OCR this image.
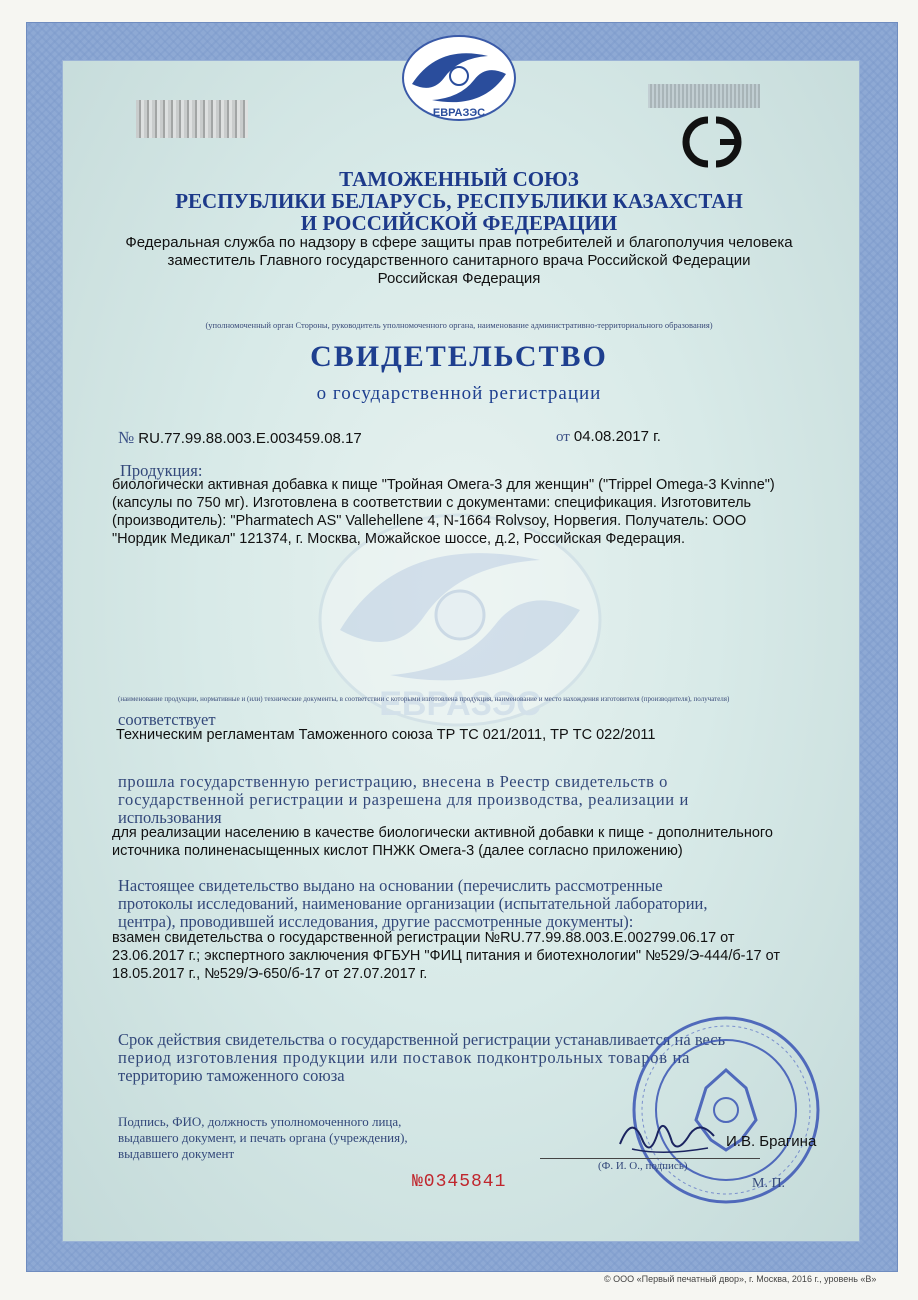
ЕВРАЗЭС
ЕВРАЗЭС
ТАМОЖЕННЫЙ СОЮЗ
РЕСПУБЛИКИ БЕЛАРУСЬ, РЕСПУБЛИКИ КАЗАХСТАН
И РОССИЙСКОЙ ФЕДЕРАЦИИ
Федеральная служба по надзору в сфере защиты прав потребителей и благополучия человека
заместитель Главного государственного санитарного врача Российской Федерации
Российская Федерация
(уполномоченный орган Стороны, руководитель уполномоченного органа, наименование административно-территориального образования)
СВИДЕТЕЛЬСТВО
о государственной регистрации
№ RU.77.99.88.003.E.003459.08.17	от 04.08.2017 г.
Продукция:
биологически активная добавка к пище "Тройная Омега-3 для женщин" ("Trippel Omega-3 Kvinne")
(капсулы по 750 мг). Изготовлена в соответствии с документами: спецификация. Изготовитель
(производитель): "Pharmatech AS" Vallehellene 4, N-1664 Rolvsoy, Норвегия. Получатель: ООО
"Нордик Медикал" 121374, г. Москва, Можайское шоссе, д.2, Российская Федерация.
(наименование продукции, нормативные и (или) технические документы, в соответствии с которыми изготовлена продукция, наименование и место нахождения изготовителя (производителя), получателя)
соответствует
Техническим регламентам Таможенного союза ТР ТС 021/2011, ТР ТС 022/2011
прошла государственную регистрацию, внесена в Реестр свидетельств о
государственной регистрации и разрешена для производства, реализации и
использования
для реализации населению в качестве биологически активной добавки к пище - дополнительного
источника полиненасыщенных кислот ПНЖК Омега-3 (далее согласно приложению)
Настоящее свидетельство выдано на основании (перечислить рассмотренные
протоколы исследований, наименование организации (испытательной лаборатории,
центра), проводившей исследования, другие рассмотренные документы):
взамен свидетельства о государственной регистрации №RU.77.99.88.003.E.002799.06.17 от
23.06.2017 г.; экспертного заключения ФГБУН "ФИЦ питания и биотехнологии" №529/Э-444/б-17 от
18.05.2017 г., №529/Э-650/б-17 от 27.07.2017 г.
Срок действия свидетельства о государственной регистрации устанавливается на весь
период изготовления продукции или поставок подконтрольных товаров на
территорию таможенного союза
Подпись, ФИО, должность уполномоченного лица,
выдавшего документ, и печать органа (учреждения),
выдавшего документ
И.В. Брагина
(Ф. И. О., подпись)
М. П.
№0345841
© ООО «Первый печатный двор», г. Москва, 2016 г., уровень «В»
